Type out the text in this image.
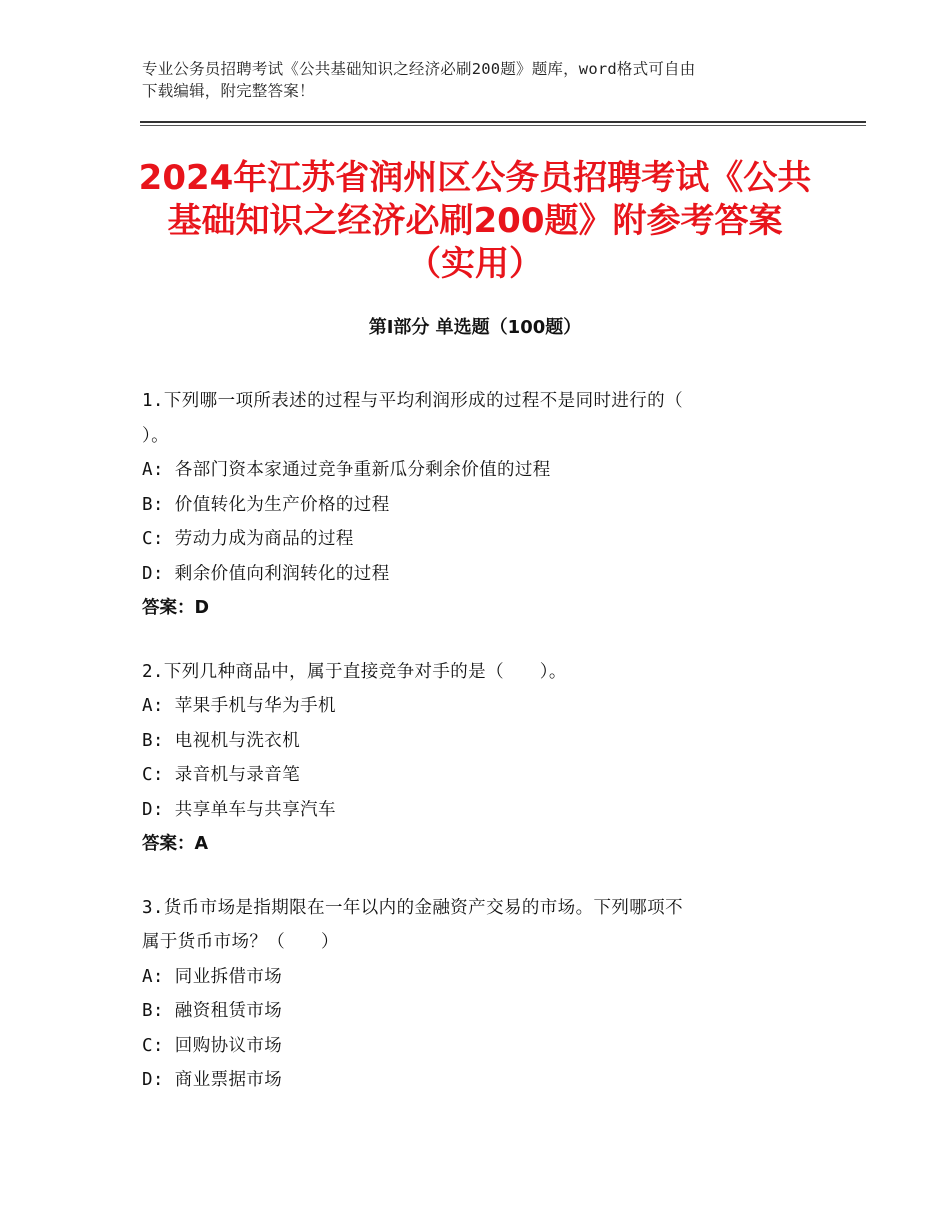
专业公务员招聘考试《公共基础知识之经济必刷200题》题库，word格式可自由
下载编辑，附完整答案！
2024年江苏省润州区公务员招聘考试《公共
基础知识之经济必刷200题》附参考答案
（实用）
第Ⅰ部分 单选题（100题）
1.下列哪一项所表述的过程与平均利润形成的过程不是同时进行的（
）。
A: 各部门资本家通过竞争重新瓜分剩余价值的过程
B: 价值转化为生产价格的过程
C: 劳动力成为商品的过程
D: 剩余价值向利润转化的过程
答案：D
2.下列几种商品中，属于直接竞争对手的是（　　）。
A: 苹果手机与华为手机
B: 电视机与洗衣机
C: 录音机与录音笔
D: 共享单车与共享汽车
答案：A
3.货币市场是指期限在一年以内的金融资产交易的市场。下列哪项不
属于货币市场？（　　）
A: 同业拆借市场
B: 融资租赁市场
C: 回购协议市场
D: 商业票据市场
